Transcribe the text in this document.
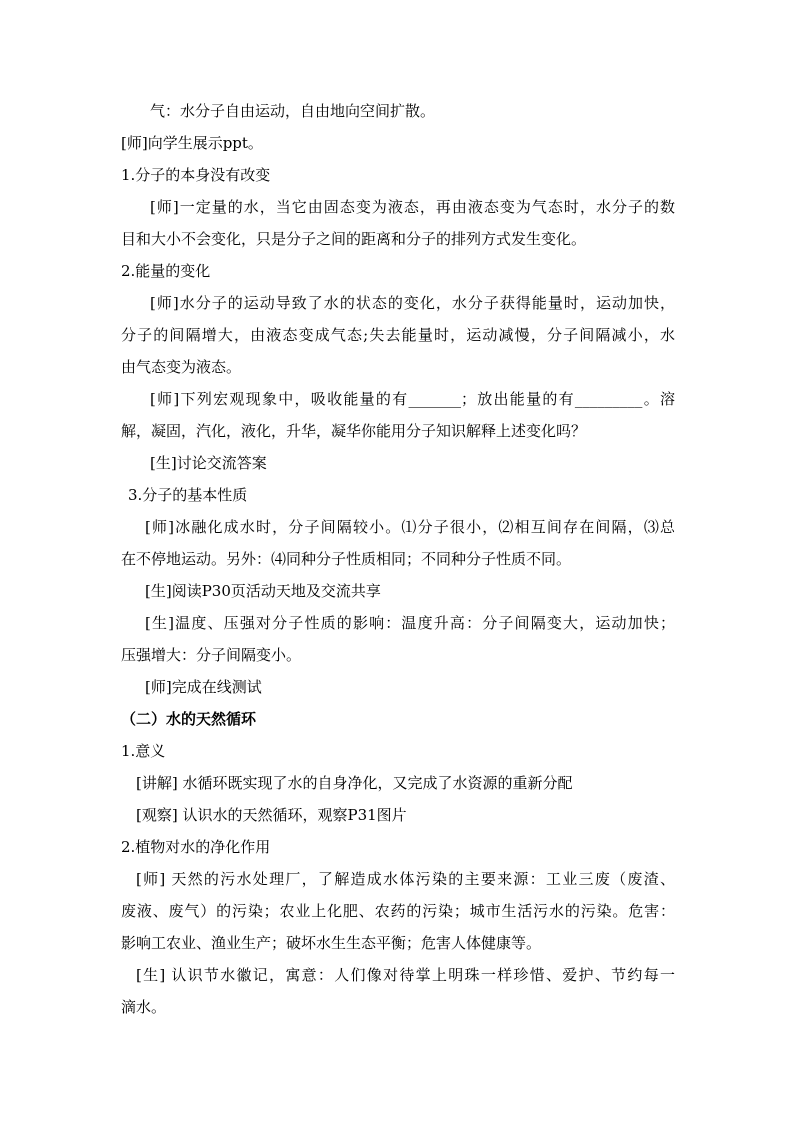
气：水分子自由运动，自由地向空间扩散。
[师]向学生展示ppt。
1.分子的本身没有改变
[师]一定量的水，当它由固态变为液态，再由液态变为气态时，水分子的数
目和大小不会变化，只是分子之间的距离和分子的排列方式发生变化。
2.能量的变化
[师]水分子的运动导致了水的状态的变化，水分子获得能量时，运动加快，
分子的间隔增大，由液态变成气态;失去能量时，运动减慢，分子间隔减小，水
由气态变为液态。
[师]下列宏观现象中，吸收能量的有_______；放出能量的有_________。溶
解，凝固，汽化，液化，升华，凝华你能用分子知识解释上述变化吗？
[生]讨论交流答案
3.分子的基本性质
[师]冰融化成水时，分子间隔较小。⑴分子很小，⑵相互间存在间隔，⑶总
在不停地运动。另外：⑷同种分子性质相同；不同种分子性质不同。
[生]阅读P30页活动天地及交流共享
[生]温度、压强对分子性质的影响：温度升高：分子间隔变大，运动加快；
压强增大：分子间隔变小。
[师]完成在线测试
（二）水的天然循环
1.意义
[讲解] 水循环既实现了水的自身净化，又完成了水资源的重新分配
[观察] 认识水的天然循环，观察P31图片
2.植物对水的净化作用
[师] 天然的污水处理厂，了解造成水体污染的主要来源：工业三废（废渣、
废液、废气）的污染；农业上化肥、农药的污染；城市生活污水的污染。危害：
影响工农业、渔业生产；破坏水生生态平衡；危害人体健康等。
[生] 认识节水徽记，寓意：人们像对待掌上明珠一样珍惜、爱护、节约每一
滴水。
